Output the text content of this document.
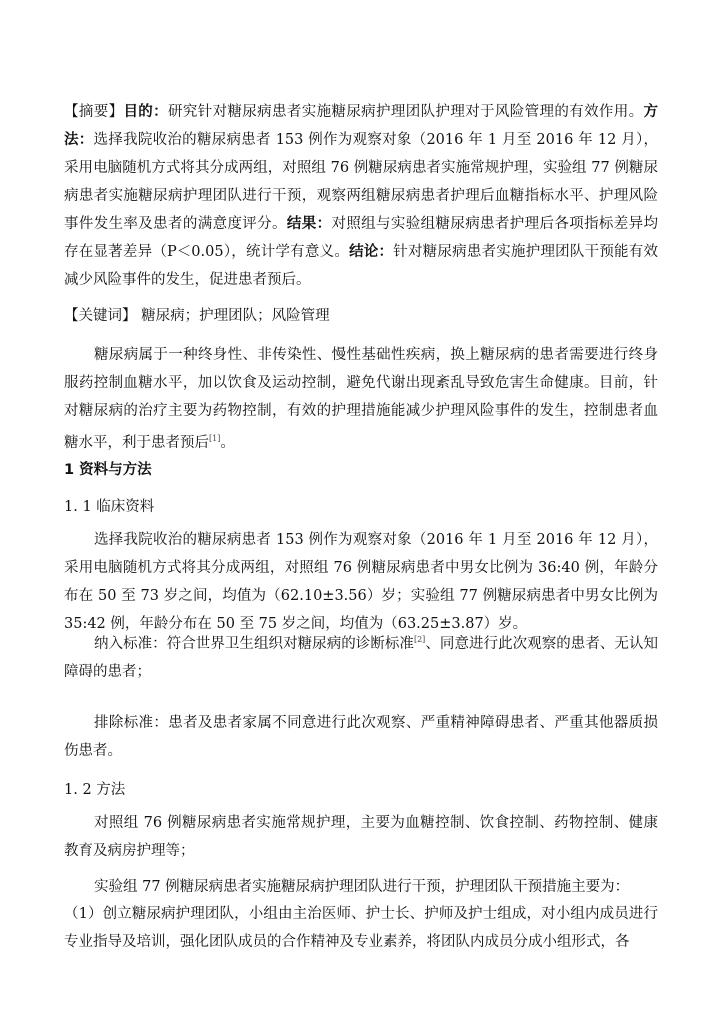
【摘要】目的：研究针对糖尿病患者实施糖尿病护理团队护理对于风险管理的有效作用。方法：选择我院收治的糖尿病患者 153 例作为观察对象（2016 年 1 月至 2016 年 12 月），采用电脑随机方式将其分成两组，对照组 76 例糖尿病患者实施常规护理，实验组 77 例糖尿病患者实施糖尿病护理团队进行干预，观察两组糖尿病患者护理后血糖指标水平、护理风险事件发生率及患者的满意度评分。结果：对照组与实验组糖尿病患者护理后各项指标差异均存在显著差异（P＜0.05），统计学有意义。结论：针对糖尿病患者实施护理团队干预能有效减少风险事件的发生，促进患者预后。

【关键词】 糖尿病；护理团队；风险管理

糖尿病属于一种终身性、非传染性、慢性基础性疾病，换上糖尿病的患者需要进行终身服药控制血糖水平，加以饮食及运动控制，避免代谢出现紊乱导致危害生命健康。目前，针对糖尿病的治疗主要为药物控制，有效的护理措施能减少护理风险事件的发生，控制患者血糖水平，利于患者预后[1]。

1 资料与方法
1. 1 临床资料

选择我院收治的糖尿病患者 153 例作为观察对象（2016 年 1 月至 2016 年 12 月），采用电脑随机方式将其分成两组，对照组 76 例糖尿病患者中男女比例为 36:40 例，年龄分布在 50 至 73 岁之间，均值为（62.10±3.56）岁；实验组 77 例糖尿病患者中男女比例为 35:42 例，年龄分布在 50 至 75 岁之间，均值为（63.25±3.87）岁。

纳入标准：符合世界卫生组织对糖尿病的诊断标准[2]、同意进行此次观察的患者、无认知障碍的患者；

排除标准：患者及患者家属不同意进行此次观察、严重精神障碍患者、严重其他器质损伤患者。

1. 2 方法

对照组 76 例糖尿病患者实施常规护理，主要为血糖控制、饮食控制、药物控制、健康教育及病房护理等；

实验组 77 例糖尿病患者实施糖尿病护理团队进行干预，护理团队干预措施主要为：

（1）创立糖尿病护理团队，小组由主治医师、护士长、护师及护士组成，对小组内成员进行专业指导及培训，强化团队成员的合作精神及专业素养，将团队内成员分成小组形式，各
